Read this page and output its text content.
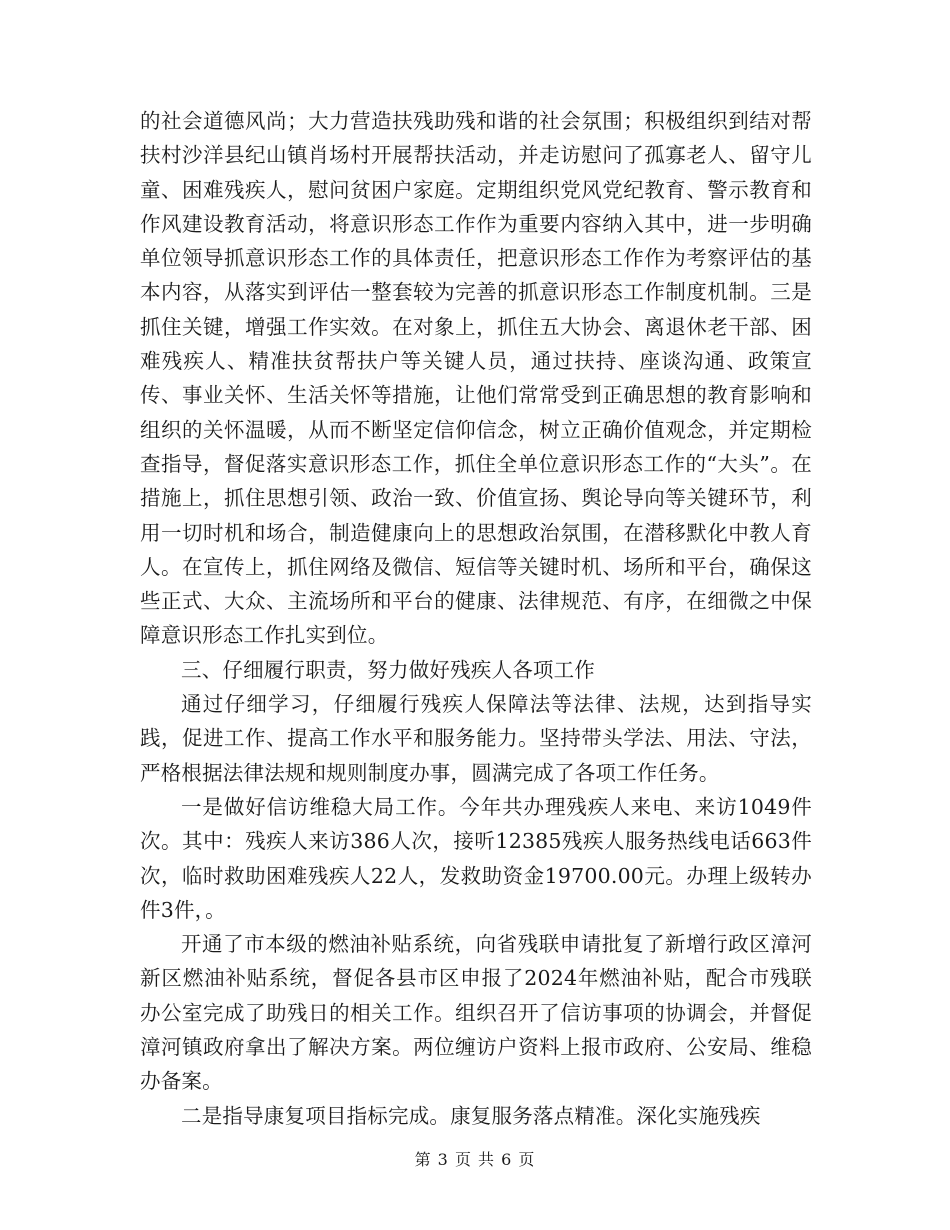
的社会道德风尚；大力营造扶残助残和谐的社会氛围；积极组织到结对帮扶村沙洋县纪山镇肖场村开展帮扶活动，并走访慰问了孤寡老人、留守儿童、困难残疾人，慰问贫困户家庭。定期组织党风党纪教育、警示教育和作风建设教育活动，将意识形态工作作为重要内容纳入其中，进一步明确单位领导抓意识形态工作的具体责任，把意识形态工作作为考察评估的基本内容，从落实到评估一整套较为完善的抓意识形态工作制度机制。三是抓住关键，增强工作实效。在对象上，抓住五大协会、离退休老干部、困难残疾人、精准扶贫帮扶户等关键人员，通过扶持、座谈沟通、政策宣传、事业关怀、生活关怀等措施，让他们常常受到正确思想的教育影响和组织的关怀温暖，从而不断坚定信仰信念，树立正确价值观念，并定期检查指导，督促落实意识形态工作，抓住全单位意识形态工作的“大头”。在措施上，抓住思想引领、政治一致、价值宣扬、舆论导向等关键环节，利用一切时机和场合，制造健康向上的思想政治氛围，在潜移默化中教人育人。在宣传上，抓住网络及微信、短信等关键时机、场所和平台，确保这些正式、大众、主流场所和平台的健康、法律规范、有序，在细微之中保障意识形态工作扎实到位。

三、仔细履行职责，努力做好残疾人各项工作

通过仔细学习，仔细履行残疾人保障法等法律、法规，达到指导实践，促进工作、提高工作水平和服务能力。坚持带头学法、用法、守法，严格根据法律法规和规则制度办事，圆满完成了各项工作任务。

一是做好信访维稳大局工作。今年共办理残疾人来电、来访1049件次。其中：残疾人来访386人次，接听12385残疾人服务热线电话663件次，临时救助困难残疾人22人，发救助资金19700.00元。办理上级转办件3件，。

开通了市本级的燃油补贴系统，向省残联申请批复了新增行政区漳河新区燃油补贴系统，督促各县市区申报了2024年燃油补贴，配合市残联办公室完成了助残日的相关工作。组织召开了信访事项的协调会，并督促漳河镇政府拿出了解决方案。两位缠访户资料上报市政府、公安局、维稳办备案。

二是指导康复项目指标完成。康复服务落点精准。深化实施残疾

第 3 页 共 6 页
